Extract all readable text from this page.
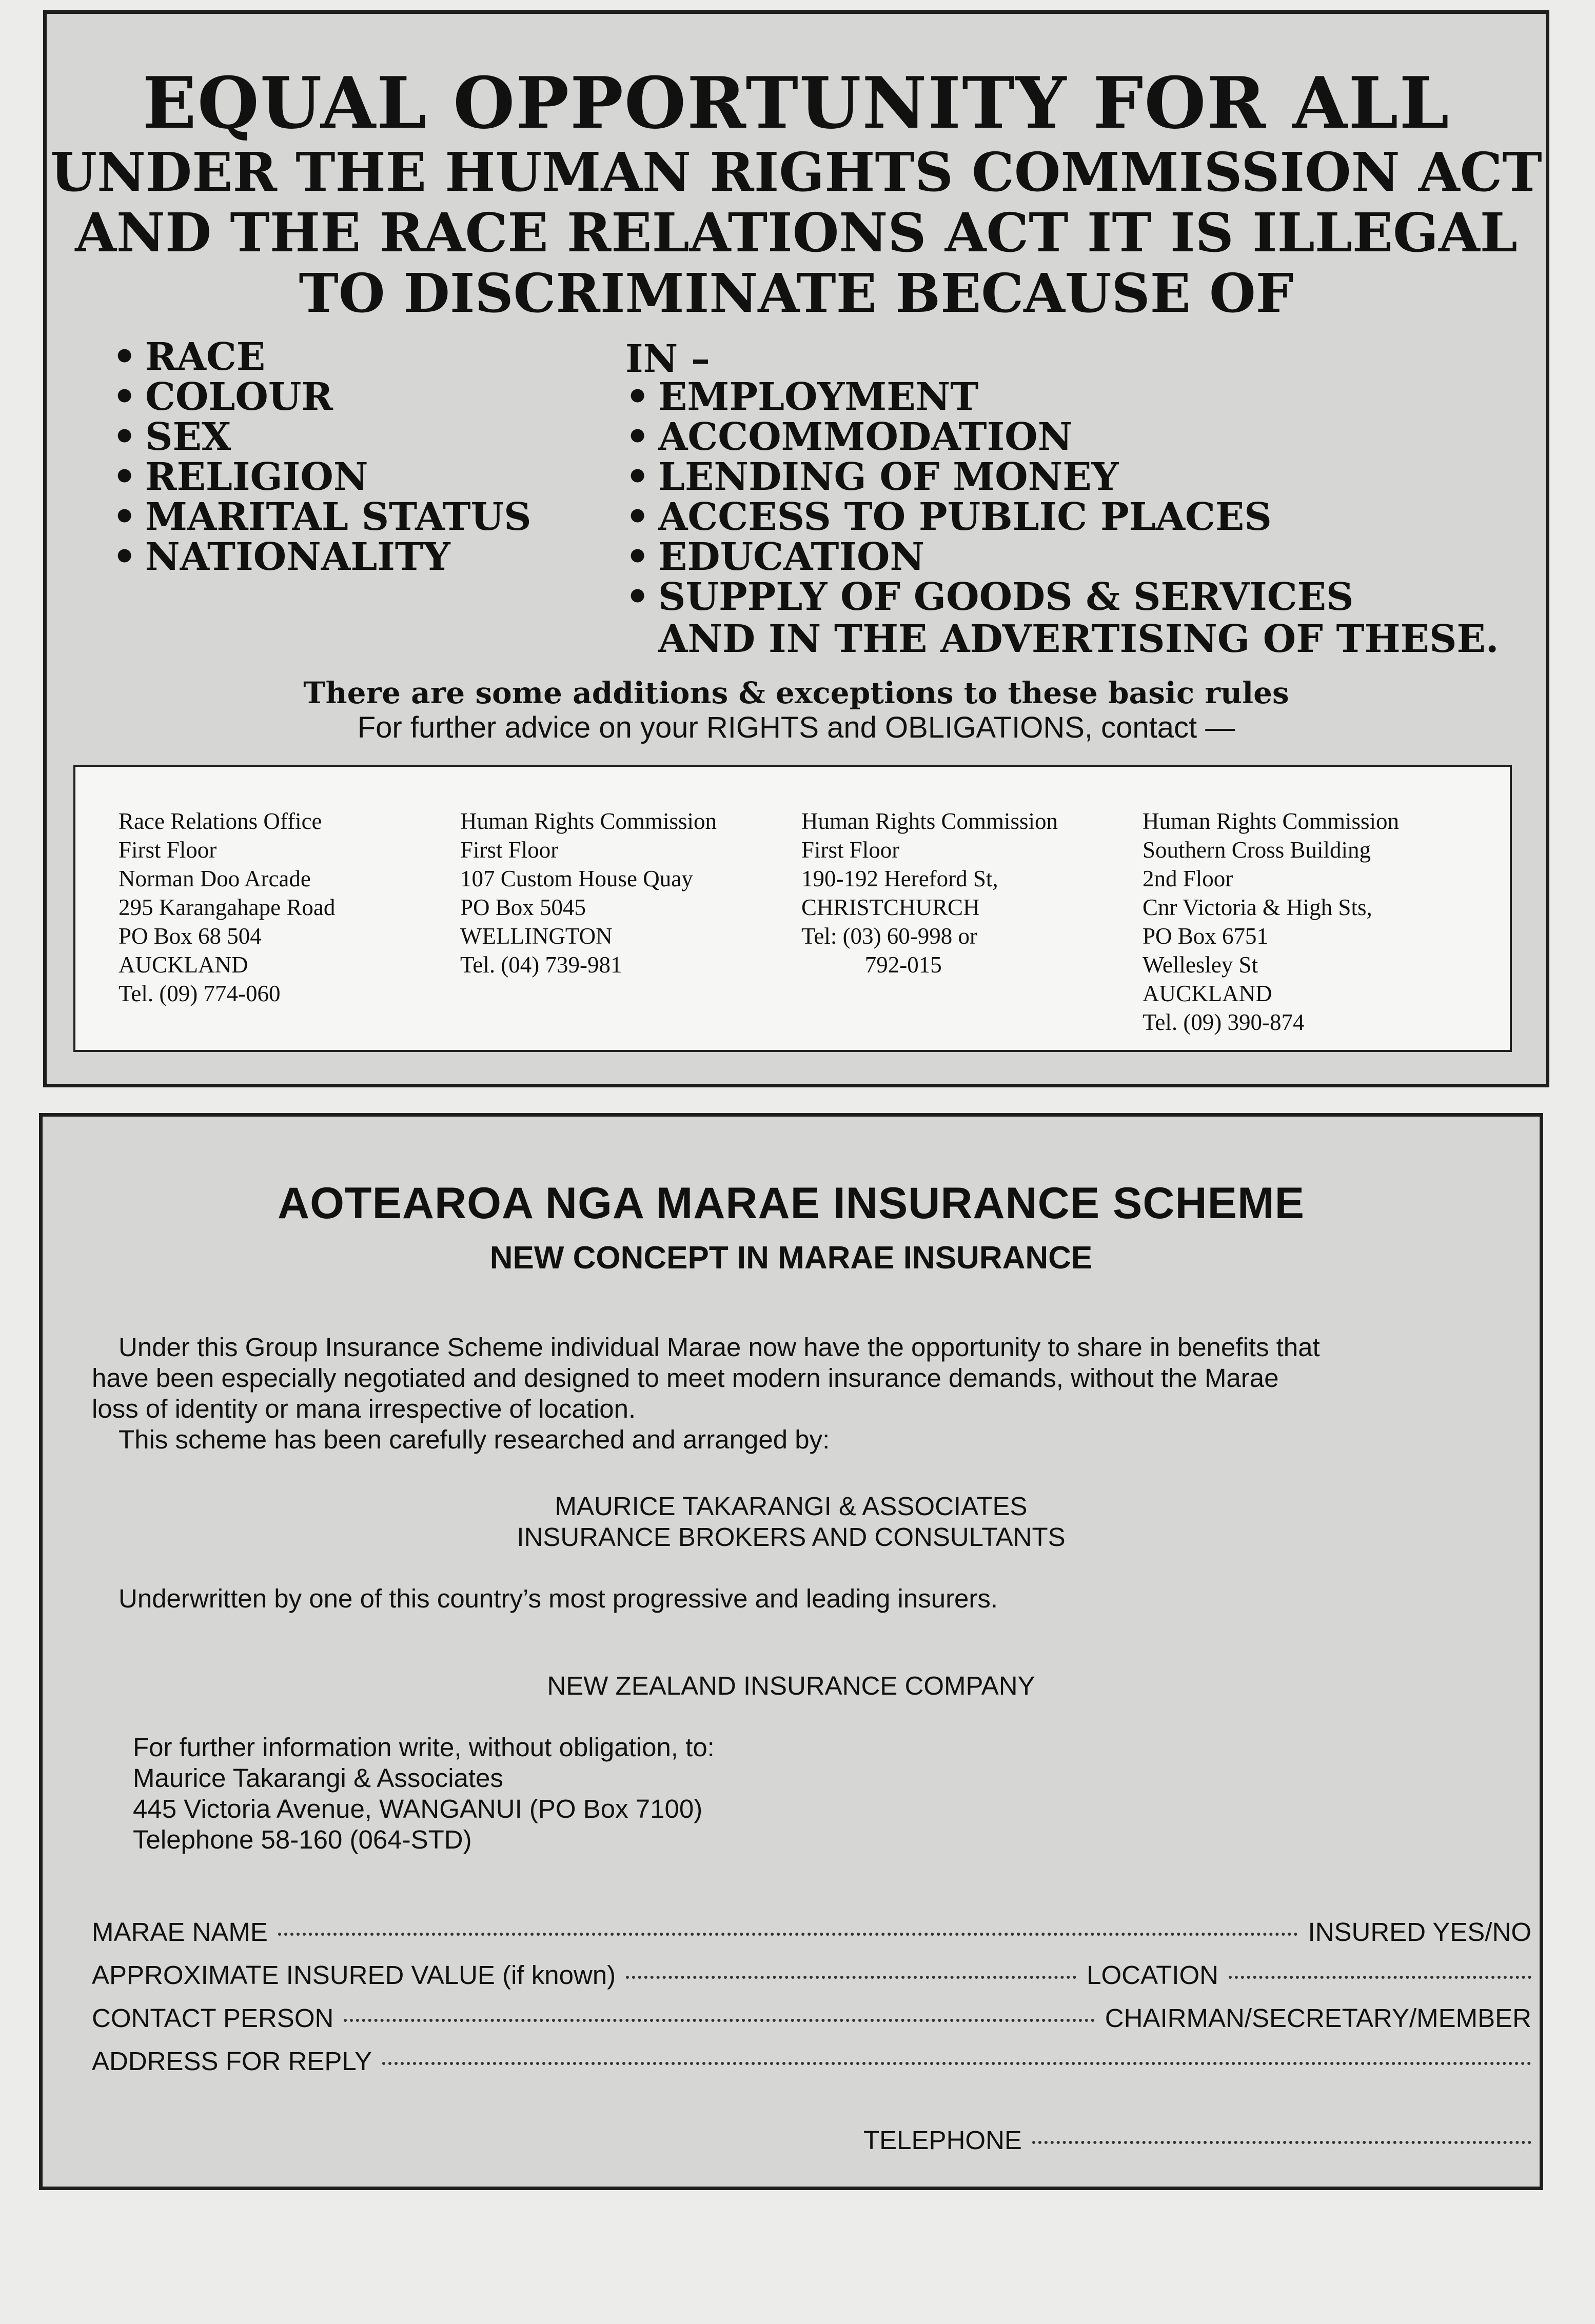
EQUAL OPPORTUNITY FOR ALL
UNDER THE HUMAN RIGHTS COMMISSION ACT
AND THE RACE RELATIONS ACT IT IS ILLEGAL
TO DISCRIMINATE BECAUSE OF
• RACE
• COLOUR
• SEX
• RELIGION
• MARITAL STATUS
• NATIONALITY
IN –
• EMPLOYMENT
• ACCOMMODATION
• LENDING OF MONEY
• ACCESS TO PUBLIC PLACES
• EDUCATION
• SUPPLY OF GOODS & SERVICES
AND IN THE ADVERTISING OF THESE.
There are some additions & exceptions to these basic rules
For further advice on your RIGHTS and OBLIGATIONS, contact —
Race Relations Office
First Floor
Norman Doo Arcade
295 Karangahape Road
PO Box 68 504
AUCKLAND
Tel. (09) 774-060
Human Rights Commission
First Floor
107 Custom House Quay
PO Box 5045
WELLINGTON
Tel. (04) 739-981
Human Rights Commission
First Floor
190-192 Hereford St,
CHRISTCHURCH
Tel: (03) 60-998 or
792-015
Human Rights Commission
Southern Cross Building
2nd Floor
Cnr Victoria & High Sts,
PO Box 6751
Wellesley St
AUCKLAND
Tel. (09) 390-874
AOTEAROA NGA MARAE INSURANCE SCHEME
NEW CONCEPT IN MARAE INSURANCE
Under this Group Insurance Scheme individual Marae now have the opportunity to share in benefits that
have been especially negotiated and designed to meet modern insurance demands, without the Marae
loss of identity or mana irrespective of location.
This scheme has been carefully researched and arranged by:
MAURICE TAKARANGI & ASSOCIATES
INSURANCE BROKERS AND CONSULTANTS
Underwritten by one of this country’s most progressive and leading insurers.
NEW ZEALAND INSURANCE COMPANY
For further information write, without obligation, to:
Maurice Takarangi & Associates
445 Victoria Avenue, WANGANUI (PO Box 7100)
Telephone 58-160 (064-STD)
MARAE NAME	INSURED YES/NO
APPROXIMATE INSURED VALUE (if known)	LOCATION
CONTACT PERSON	CHAIRMAN/SECRETARY/MEMBER
ADDRESS FOR REPLY
TELEPHONE
